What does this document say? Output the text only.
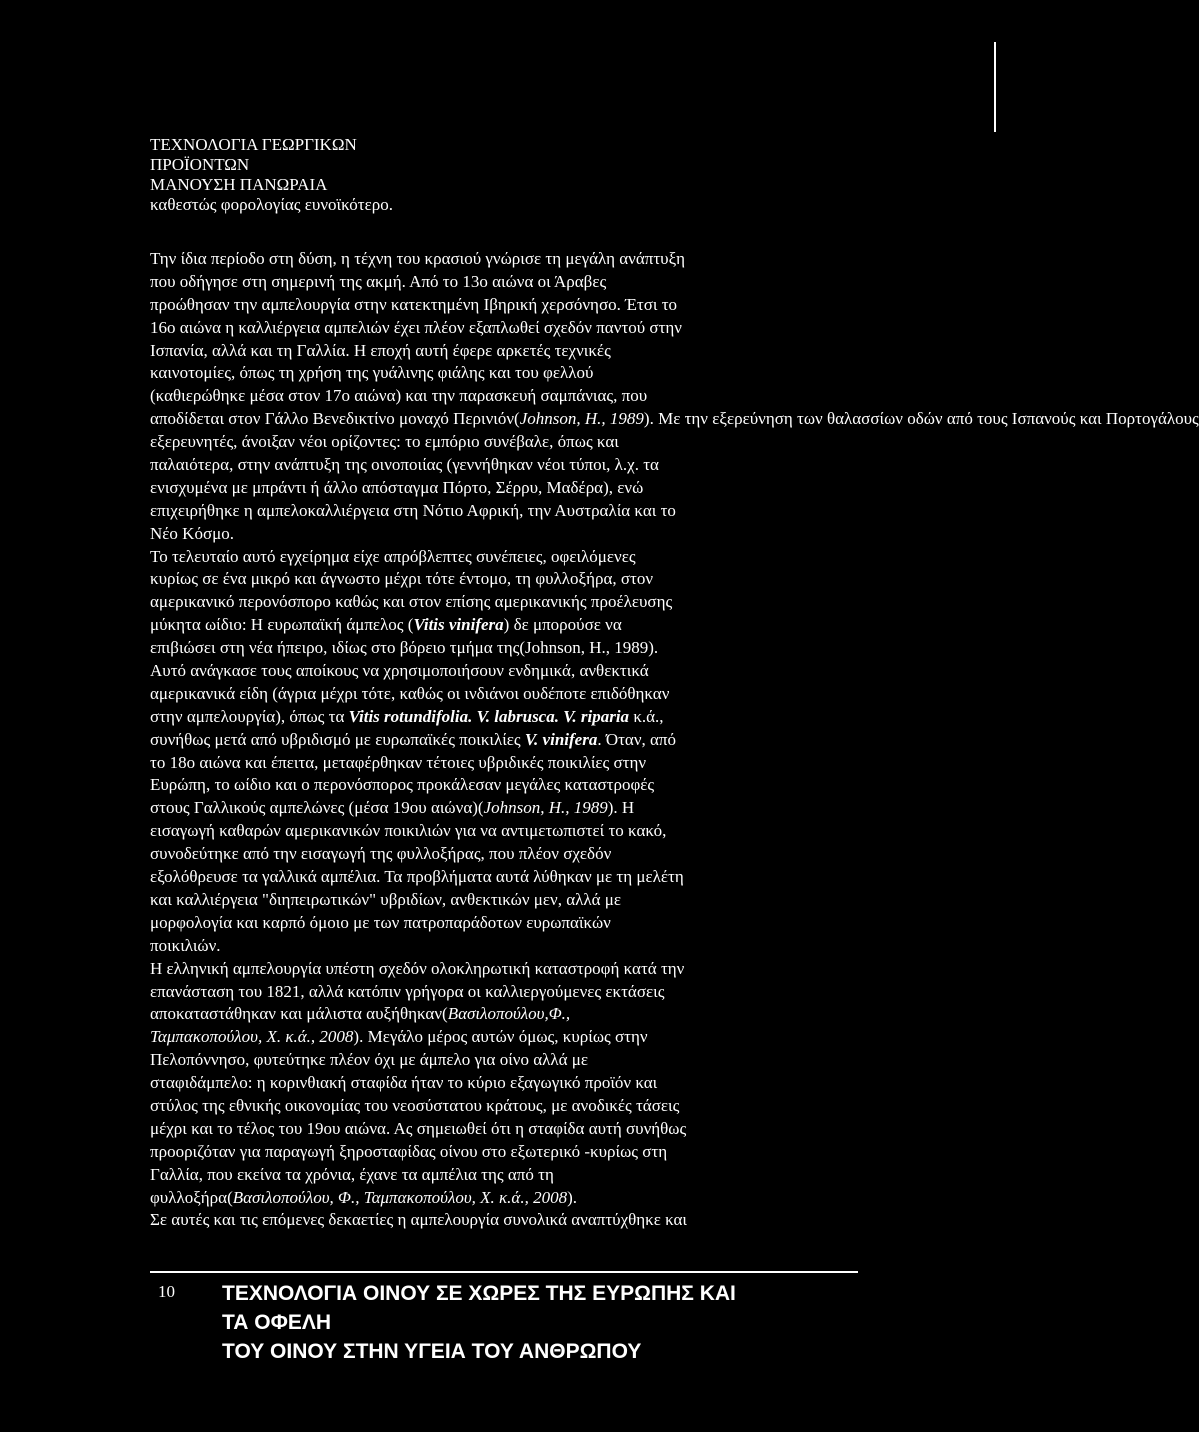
ΤΕΧΝΟΛΟΓΙΑ ΓΕΩΡΓΙΚΩΝ
ΠΡΟΪΟΝΤΩΝ
ΜΑΝΟΥΣΗ ΠΑΝΩΡΑΙΑ
καθεστώς φορολογίας ευνοϊκότερο.
Την ίδια περίοδο στη δύση, η τέχνη του κρασιού γνώρισε τη μεγάλη ανάπτυξη
που οδήγησε στη σημερινή της ακμή. Από το 13ο αιώνα οι Άραβες
προώθησαν την αμπελουργία στην κατεκτημένη Ιβηρική χερσόνησο. Έτσι το
16ο αιώνα η καλλιέργεια αμπελιών έχει πλέον εξαπλωθεί σχεδόν παντού στην
Ισπανία, αλλά και τη Γαλλία. Η εποχή αυτή έφερε αρκετές τεχνικές
καινοτομίες, όπως τη χρήση της γυάλινης φιάλης και του φελλού
(καθιερώθηκε μέσα στον 17ο αιώνα) και την παρασκευή σαμπάνιας, που
αποδίδεται στον Γάλλο Βενεδικτίνο μοναχό Περινιόν(Johnson, H., 1989). Με την εξερεύνηση των θαλασσίων οδών από τους Ισπανούς και Πορτογάλους
εξερευνητές, άνοιξαν νέοι ορίζοντες: το εμπόριο συνέβαλε, όπως και
παλαιότερα, στην ανάπτυξη της οινοποιίας (γεννήθηκαν νέοι τύποι, λ.χ. τα
ενισχυμένα με μπράντι ή άλλο απόσταγμα Πόρτο, Σέρρυ, Μαδέρα), ενώ
επιχειρήθηκε η αμπελοκαλλιέργεια στη Νότιο Αφρική, την Αυστραλία και το
Νέο Κόσμο.
Το τελευταίο αυτό εγχείρημα είχε απρόβλεπτες συνέπειες, οφειλόμενες
κυρίως σε ένα μικρό και άγνωστο μέχρι τότε έντομο, τη φυλλοξήρα, στον
αμερικανικό περονόσπορο καθώς και στον επίσης αμερικανικής προέλευσης
μύκητα ωίδιο: Η ευρωπαϊκή άμπελος (Vitis vinifera) δε μπορούσε να
επιβιώσει στη νέα ήπειρο, ιδίως στο βόρειο τμήμα της(Johnson, H., 1989).
Αυτό ανάγκασε τους αποίκους να χρησιμοποιήσουν ενδημικά, ανθεκτικά
αμερικανικά είδη (άγρια μέχρι τότε, καθώς οι ινδιάνοι ουδέποτε επιδόθηκαν
στην αμπελουργία), όπως τα Vitis rotundifolia. V. labrusca. V. riparia κ.ά.,
συνήθως μετά από υβριδισμό με ευρωπαϊκές ποικιλίες V. vinifera. Όταν, από
το 18ο αιώνα και έπειτα, μεταφέρθηκαν τέτοιες υβριδικές ποικιλίες στην
Ευρώπη, το ωίδιο και ο περονόσπορος προκάλεσαν μεγάλες καταστροφές
στους Γαλλικούς αμπελώνες (μέσα 19ου αιώνα)(Johnson, H., 1989). Η
εισαγωγή καθαρών αμερικανικών ποικιλιών για να αντιμετωπιστεί το κακό,
συνοδεύτηκε από την εισαγωγή της φυλλοξήρας, που πλέον σχεδόν
εξολόθρευσε τα γαλλικά αμπέλια. Τα προβλήματα αυτά λύθηκαν με τη μελέτη
και καλλιέργεια "διηπειρωτικών" υβριδίων, ανθεκτικών μεν, αλλά με
μορφολογία και καρπό όμοιο με των πατροπαράδοτων ευρωπαϊκών
ποικιλιών.
Η ελληνική αμπελουργία υπέστη σχεδόν ολοκληρωτική καταστροφή κατά την
επανάσταση του 1821, αλλά κατόπιν γρήγορα οι καλλιεργούμενες εκτάσεις
αποκαταστάθηκαν και μάλιστα αυξήθηκαν(Βασιλοπούλου,Φ.,
Ταμπακοπούλου, Χ. κ.ά., 2008). Μεγάλο μέρος αυτών όμως, κυρίως στην
Πελοπόννησο, φυτεύτηκε πλέον όχι με άμπελο για οίνο αλλά με
σταφιδάμπελο: η κορινθιακή σταφίδα ήταν το κύριο εξαγωγικό προϊόν και
στύλος της εθνικής οικονομίας του νεοσύστατου κράτους, με ανοδικές τάσεις
μέχρι και το τέλος του 19ου αιώνα. Ας σημειωθεί ότι η σταφίδα αυτή συνήθως
προοριζόταν για παραγωγή ξηροσταφίδας οίνου στο εξωτερικό -κυρίως στη
Γαλλία, που εκείνα τα χρόνια, έχανε τα αμπέλια της από τη
φυλλοξήρα(Βασιλοπούλου, Φ., Ταμπακοπούλου, Χ. κ.ά., 2008).
Σε αυτές και τις επόμενες δεκαετίες η αμπελουργία συνολικά αναπτύχθηκε και
10 ΤΕΧΝΟΛΟΓΙΑ ΟΙΝΟΥ ΣΕ ΧΩΡΕΣ ΤΗΣ ΕΥΡΩΠΗΣ ΚΑΙ
ΤΑ ΟΦΕΛΗ
ΤΟΥ ΟΙΝΟΥ ΣΤΗΝ ΥΓΕΙΑ ΤΟΥ ΑΝΘΡΩΠΟΥ
